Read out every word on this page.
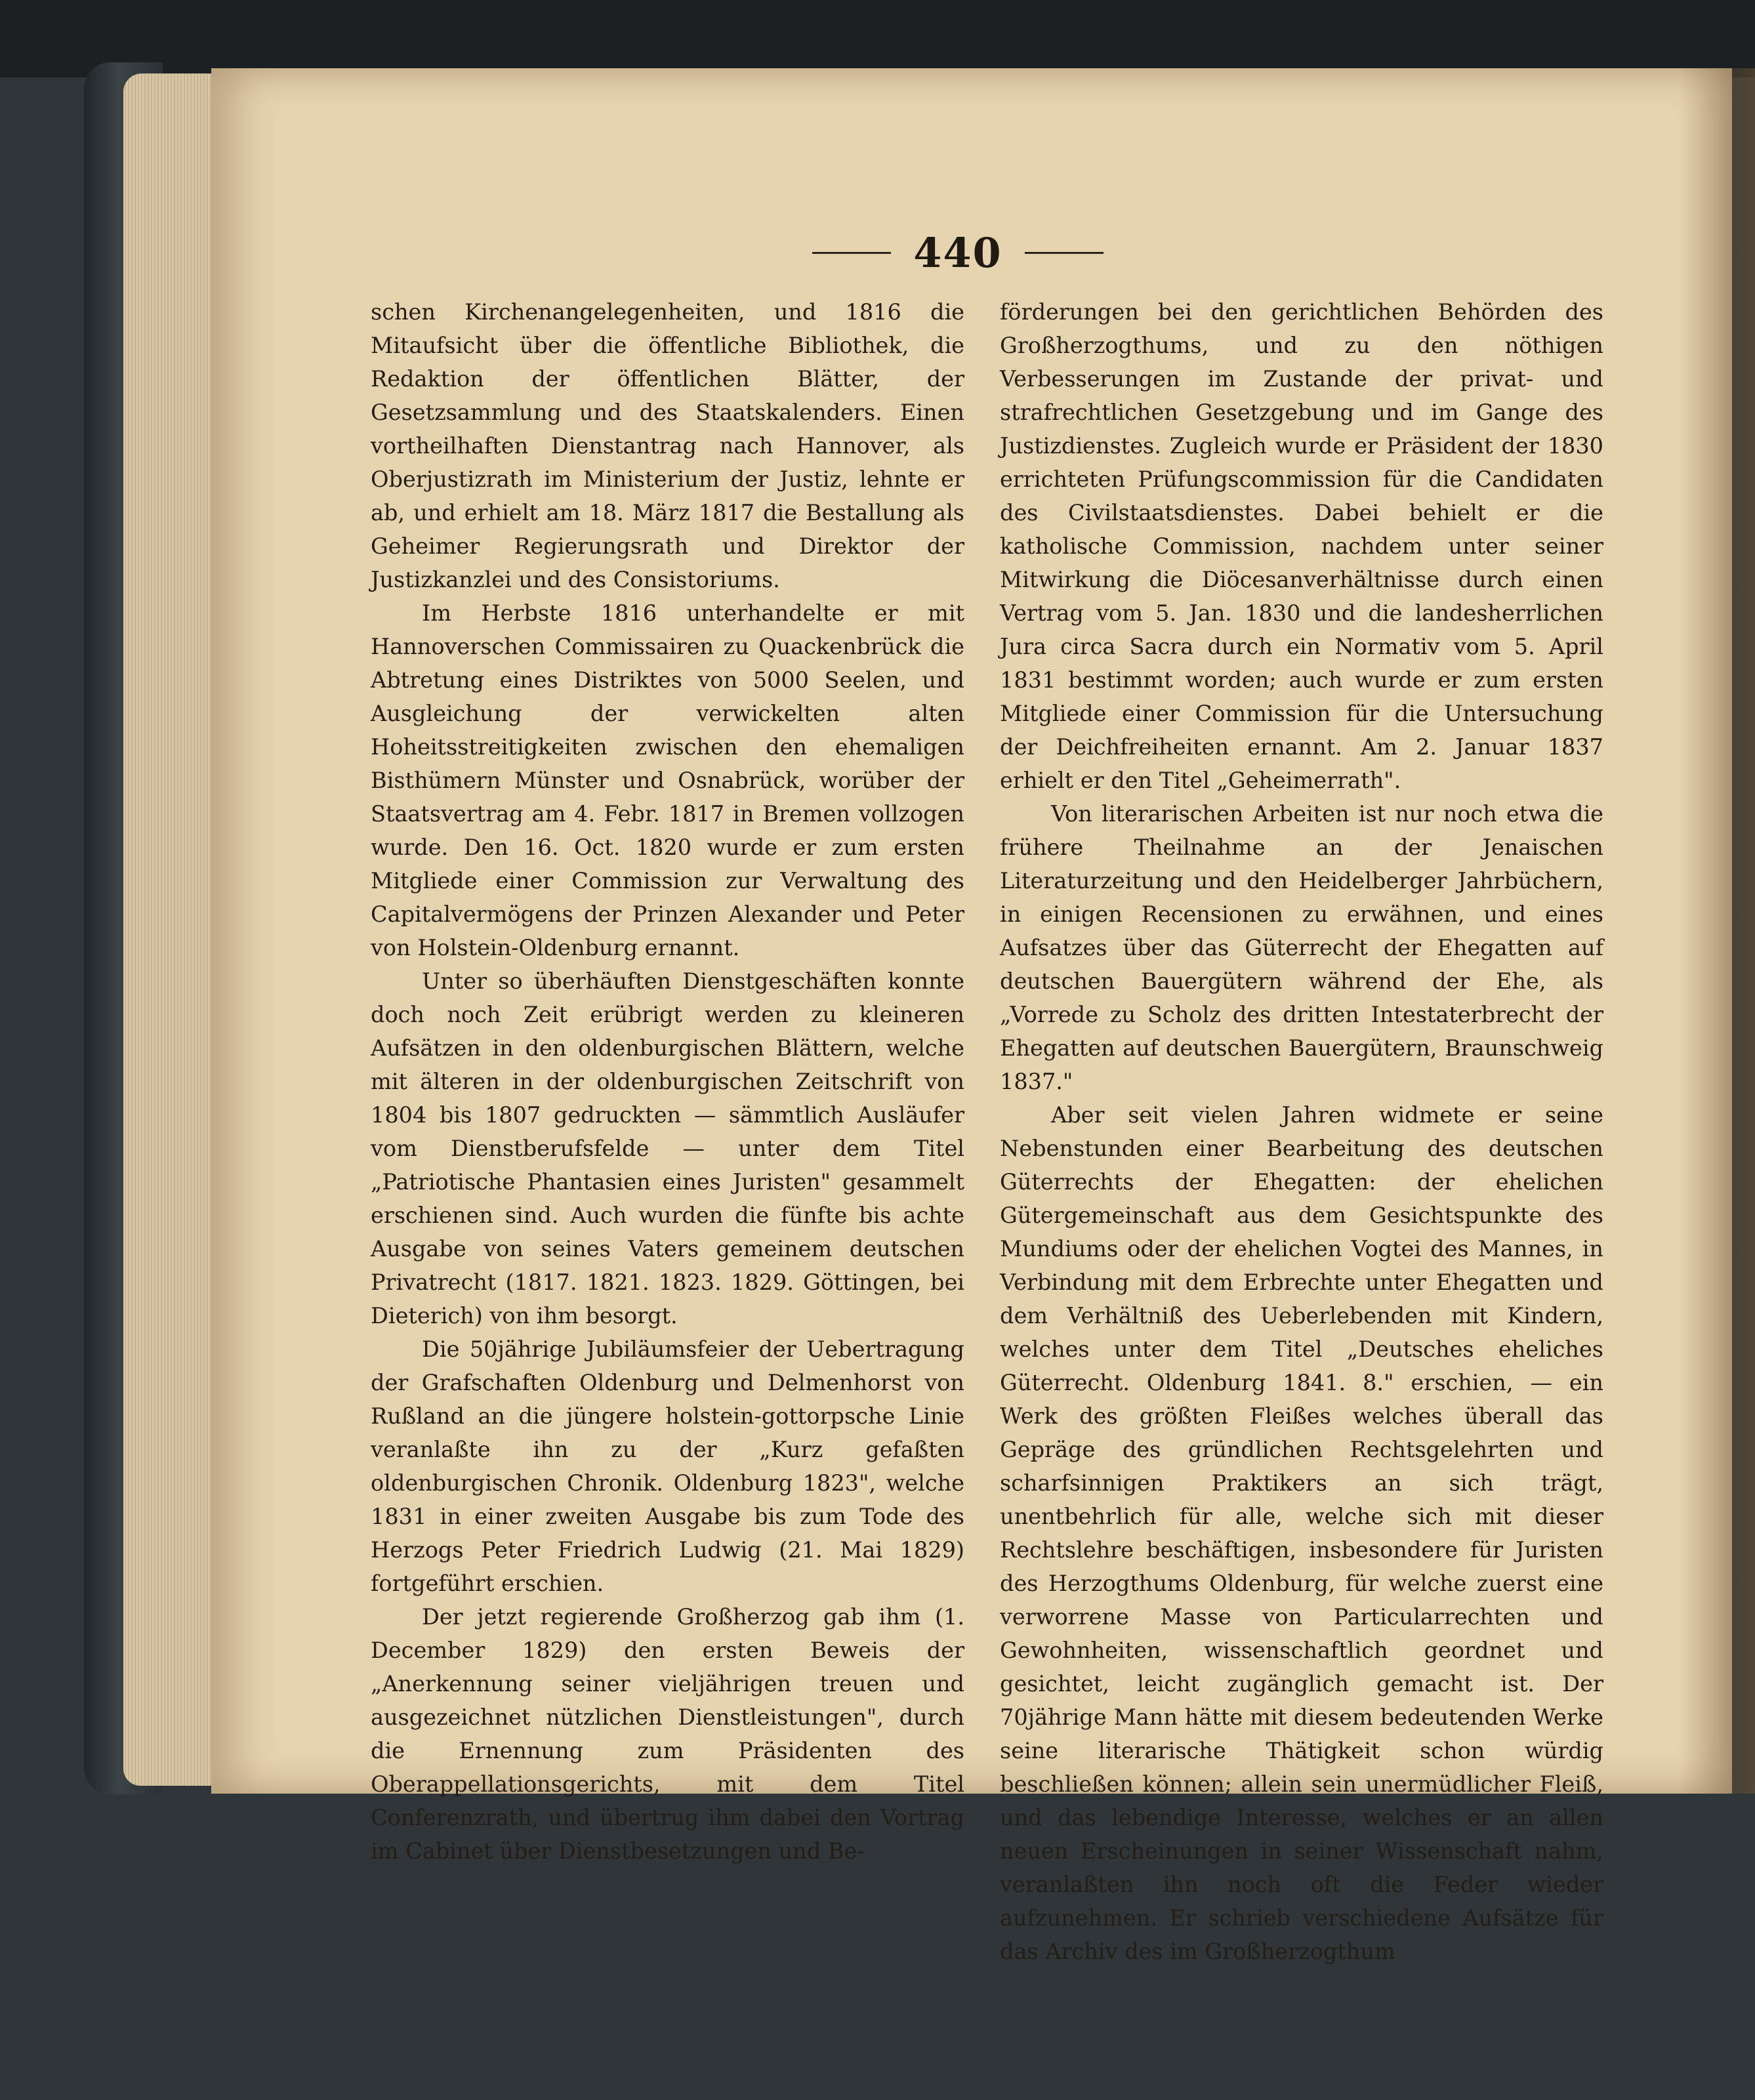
440

schen Kirchenangelegenheiten, und 1816 die Mitaufsicht über die öffentliche Bibliothek, die Redaktion der öffentlichen Blätter, der Gesetzsammlung und des Staatskalenders. Einen vortheilhaften Dienstantrag nach Hannover, als Oberjustizrath im Ministerium der Justiz, lehnte er ab, und erhielt am 18. März 1817 die Bestallung als Geheimer Regierungsrath und Direktor der Justizkanzlei und des Consistoriums.

Im Herbste 1816 unterhandelte er mit Hannoverschen Commissairen zu Quackenbrück die Abtretung eines Distriktes von 5000 Seelen, und Ausgleichung der verwickelten alten Hoheitsstreitigkeiten zwischen den ehemaligen Bisthümern Münster und Osnabrück, worüber der Staatsvertrag am 4. Febr. 1817 in Bremen vollzogen wurde. Den 16. Oct. 1820 wurde er zum ersten Mitgliede einer Commission zur Verwaltung des Capitalvermögens der Prinzen Alexander und Peter von Holstein-Oldenburg ernannt.

Unter so überhäuften Dienstgeschäften konnte doch noch Zeit erübrigt werden zu kleineren Aufsätzen in den oldenburgischen Blättern, welche mit älteren in der oldenburgischen Zeitschrift von 1804 bis 1807 gedruckten — sämmtlich Ausläufer vom Dienstberufsfelde — unter dem Titel „Patriotische Phantasien eines Juristen" gesammelt erschienen sind. Auch wurden die fünfte bis achte Ausgabe von seines Vaters gemeinem deutschen Privatrecht (1817. 1821. 1823. 1829. Göttingen, bei Dieterich) von ihm besorgt.

Die 50jährige Jubiläumsfeier der Uebertragung der Grafschaften Oldenburg und Delmenhorst von Rußland an die jüngere holstein-gottorpsche Linie veranlaßte ihn zu der „Kurz gefaßten oldenburgischen Chronik. Oldenburg 1823", welche 1831 in einer zweiten Ausgabe bis zum Tode des Herzogs Peter Friedrich Ludwig (21. Mai 1829) fortgeführt erschien.

Der jetzt regierende Großherzog gab ihm (1. December 1829) den ersten Beweis der „Anerkennung seiner vieljährigen treuen und ausgezeichnet nützlichen Dienstleistungen", durch die Ernennung zum Präsidenten des Oberappellationsgerichts, mit dem Titel Conferenzrath, und übertrug ihm dabei den Vortrag im Cabinet über Dienstbesetzungen und Be-

förderungen bei den gerichtlichen Behörden des Großherzogthums, und zu den nöthigen Verbesserungen im Zustande der privat- und strafrechtlichen Gesetzgebung und im Gange des Justizdienstes. Zugleich wurde er Präsident der 1830 errichteten Prüfungscommission für die Candidaten des Civilstaatsdienstes. Dabei behielt er die katholische Commission, nachdem unter seiner Mitwirkung die Diöcesanverhältnisse durch einen Vertrag vom 5. Jan. 1830 und die landesherrlichen Jura circa Sacra durch ein Normativ vom 5. April 1831 bestimmt worden; auch wurde er zum ersten Mitgliede einer Commission für die Untersuchung der Deichfreiheiten ernannt. Am 2. Januar 1837 erhielt er den Titel „Geheimerrath".

Von literarischen Arbeiten ist nur noch etwa die frühere Theilnahme an der Jenaischen Literaturzeitung und den Heidelberger Jahrbüchern, in einigen Recensionen zu erwähnen, und eines Aufsatzes über das Güterrecht der Ehegatten auf deutschen Bauergütern während der Ehe, als „Vorrede zu Scholz des dritten Intestaterbrecht der Ehegatten auf deutschen Bauergütern, Braunschweig 1837."

Aber seit vielen Jahren widmete er seine Nebenstunden einer Bearbeitung des deutschen Güterrechts der Ehegatten: der ehelichen Gütergemeinschaft aus dem Gesichtspunkte des Mundiums oder der ehelichen Vogtei des Mannes, in Verbindung mit dem Erbrechte unter Ehegatten und dem Verhältniß des Ueberlebenden mit Kindern, welches unter dem Titel „Deutsches eheliches Güterrecht. Oldenburg 1841. 8." erschien, — ein Werk des größten Fleißes welches überall das Gepräge des gründlichen Rechtsgelehrten und scharfsinnigen Praktikers an sich trägt, unentbehrlich für alle, welche sich mit dieser Rechtslehre beschäftigen, insbesondere für Juristen des Herzogthums Oldenburg, für welche zuerst eine verworrene Masse von Particularrechten und Gewohnheiten, wissenschaftlich geordnet und gesichtet, leicht zugänglich gemacht ist. Der 70jährige Mann hätte mit diesem bedeutenden Werke seine literarische Thätigkeit schon würdig beschließen können; allein sein unermüdlicher Fleiß, und das lebendige Interesse, welches er an allen neuen Erscheinungen in seiner Wissenschaft nahm, veranlaßten ihn noch oft die Feder wieder aufzunehmen. Er schrieb verschiedene Aufsätze für das Archiv des im Großherzogthum
